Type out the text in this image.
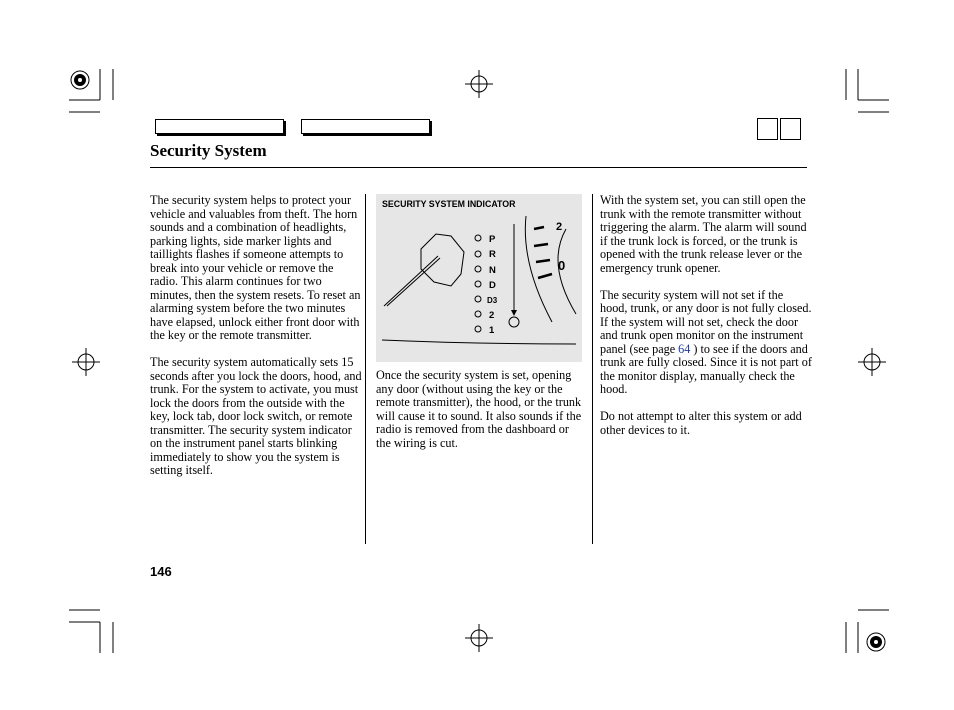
Security System

The security system helps to protect your vehicle and valuables from theft. The horn sounds and a combination of headlights, parking lights, side marker lights and taillights flashes if someone attempts to break into your vehicle or remove the radio. This alarm continues for two minutes, then the system resets. To reset an alarming system before the two minutes have elapsed, unlock either front door with the key or the remote transmitter.

The security system automatically sets 15 seconds after you lock the doors, hood, and trunk. For the system to activate, you must lock the doors from the outside with the key, lock tab, door lock switch, or remote transmitter. The security system indicator on the instrument panel starts blinking immediately to show you the system is setting itself.

SECURITY SYSTEM INDICATOR
2
0
P
R
N
D
D3
2
1

Once the security system is set, opening any door (without using the key or the remote transmitter), the hood, or the trunk will cause it to sound. It also sounds if the radio is removed from the dashboard or the wiring is cut.

With the system set, you can still open the trunk with the remote transmitter without triggering the alarm. The alarm will sound if the trunk lock is forced, or the trunk is opened with the trunk release lever or the emergency trunk opener.

The security system will not set if the hood, trunk, or any door is not fully closed. If the system will not set, check the door and trunk open monitor on the instrument panel (see page 64 ) to see if the doors and trunk are fully closed. Since it is not part of the monitor display, manually check the hood.

Do not attempt to alter this system or add other devices to it.

146
